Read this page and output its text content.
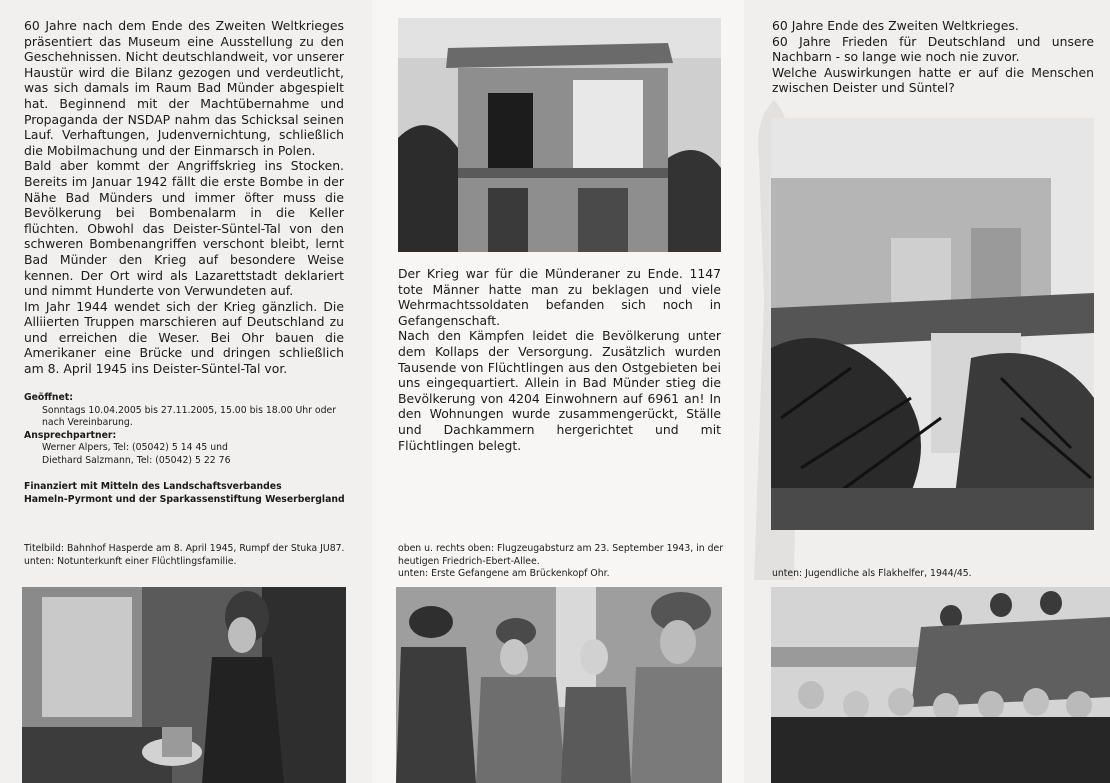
60 Jahre nach dem Ende des Zweiten Weltkrieges präsentiert das Museum eine Ausstellung zu den Geschehnissen. Nicht deutschlandweit, vor unserer Haustür wird die Bilanz gezogen und verdeutlicht, was sich damals im Raum Bad Münder abgespielt hat. Beginnend mit der Machtübernahme und Propaganda der NSDAP nahm das Schicksal seinen Lauf. Verhaftungen, Judenvernichtung, schließlich die Mobilmachung und der Einmarsch in Polen.

Bald aber kommt der Angriffskrieg ins Stocken. Bereits im Januar 1942 fällt die erste Bombe in der Nähe Bad Münders und immer öfter muss die Bevölkerung bei Bombenalarm in die Keller flüchten. Obwohl das Deister-Süntel-Tal von den schweren Bombenangriffen verschont bleibt, lernt Bad Münder den Krieg auf besondere Weise kennen. Der Ort wird als Lazarettstadt deklariert und nimmt Hunderte von Verwundeten auf.

Im Jahr 1944 wendet sich der Krieg gänzlich. Die Alliierten Truppen marschieren auf Deutschland zu und erreichen die Weser. Bei Ohr bauen die Amerikaner eine Brücke und dringen schließlich am 8. April 1945 ins Deister-Süntel-Tal vor.

Geöffnet:

Sonntags 10.04.2005 bis 27.11.2005, 15.00 bis 18.00 Uhr oder nach Vereinbarung.

Ansprechpartner:

Werner Alpers, Tel: (05042) 5 14 45 und

Diethard Salzmann, Tel: (05042) 5 22 76

Finanziert mit Mitteln des Landschaftsverbandes

Hameln-Pyrmont und der Sparkassenstiftung Weserbergland

Titelbild: Bahnhof Hasperde am 8. April 1945, Rumpf der Stuka JU87.

unten: Notunterkunft einer Flüchtlingsfamilie.

Der Krieg war für die Münderaner zu Ende. 1147 tote Männer hatte man zu beklagen und viele Wehrmachtssoldaten befanden sich noch in Gefangenschaft.

Nach den Kämpfen leidet die Bevölkerung unter dem Kollaps der Versorgung. Zusätzlich wurden Tausende von Flüchtlingen aus den Ostgebieten bei uns eingequartiert. Allein in Bad Münder stieg die Bevölkerung von 4204 Einwohnern auf 6961 an! In den Wohnungen wurde zusammengerückt, Ställe und Dachkammern hergerichtet und mit Flüchtlingen belegt.

oben u. rechts oben: Flugzeugabsturz am 23. September 1943, in der heutigen Friedrich-Ebert-Allee.

unten: Erste Gefangene am Brückenkopf Ohr.

60 Jahre Ende des Zweiten Weltkrieges.

60 Jahre Frieden für Deutschland und unsere Nachbarn - so lange wie noch nie zuvor.

Welche Auswirkungen hatte er auf die Menschen zwischen Deister und Süntel?

unten: Jugendliche als Flakhelfer, 1944/45.
